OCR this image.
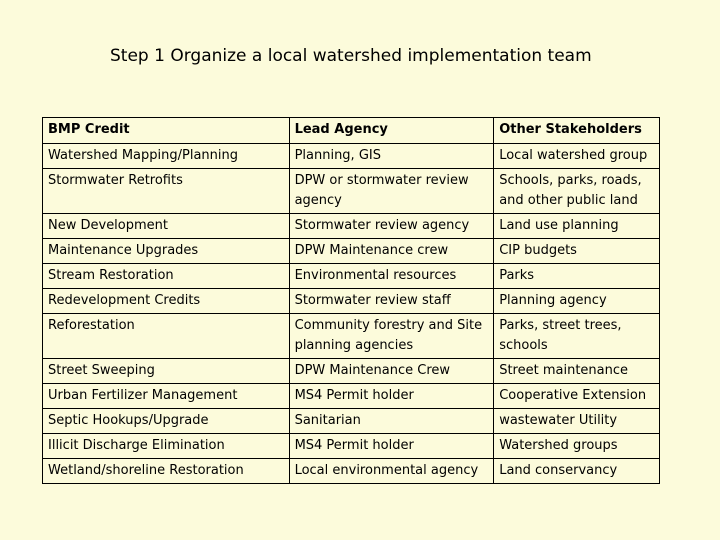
Step 1 Organize a local watershed implementation team
BMP Credit	Lead Agency	Other Stakeholders
Watershed Mapping/Planning	Planning, GIS	Local watershed group
Stormwater Retrofits	DPW or stormwater review agency	Schools, parks, roads, and other public land
New Development	Stormwater review agency	Land use planning
Maintenance Upgrades	DPW Maintenance crew	CIP budgets
Stream Restoration	Environmental resources	Parks
Redevelopment Credits	Stormwater review staff	Planning agency
Reforestation	Community forestry and Site planning agencies	Parks, street trees, schools
Street Sweeping	DPW Maintenance Crew	Street maintenance
Urban Fertilizer Management	MS4 Permit holder	Cooperative Extension
Septic Hookups/Upgrade	Sanitarian	wastewater Utility
Illicit Discharge Elimination	MS4 Permit holder	Watershed groups
Wetland/shoreline Restoration	Local environmental agency	Land conservancy
